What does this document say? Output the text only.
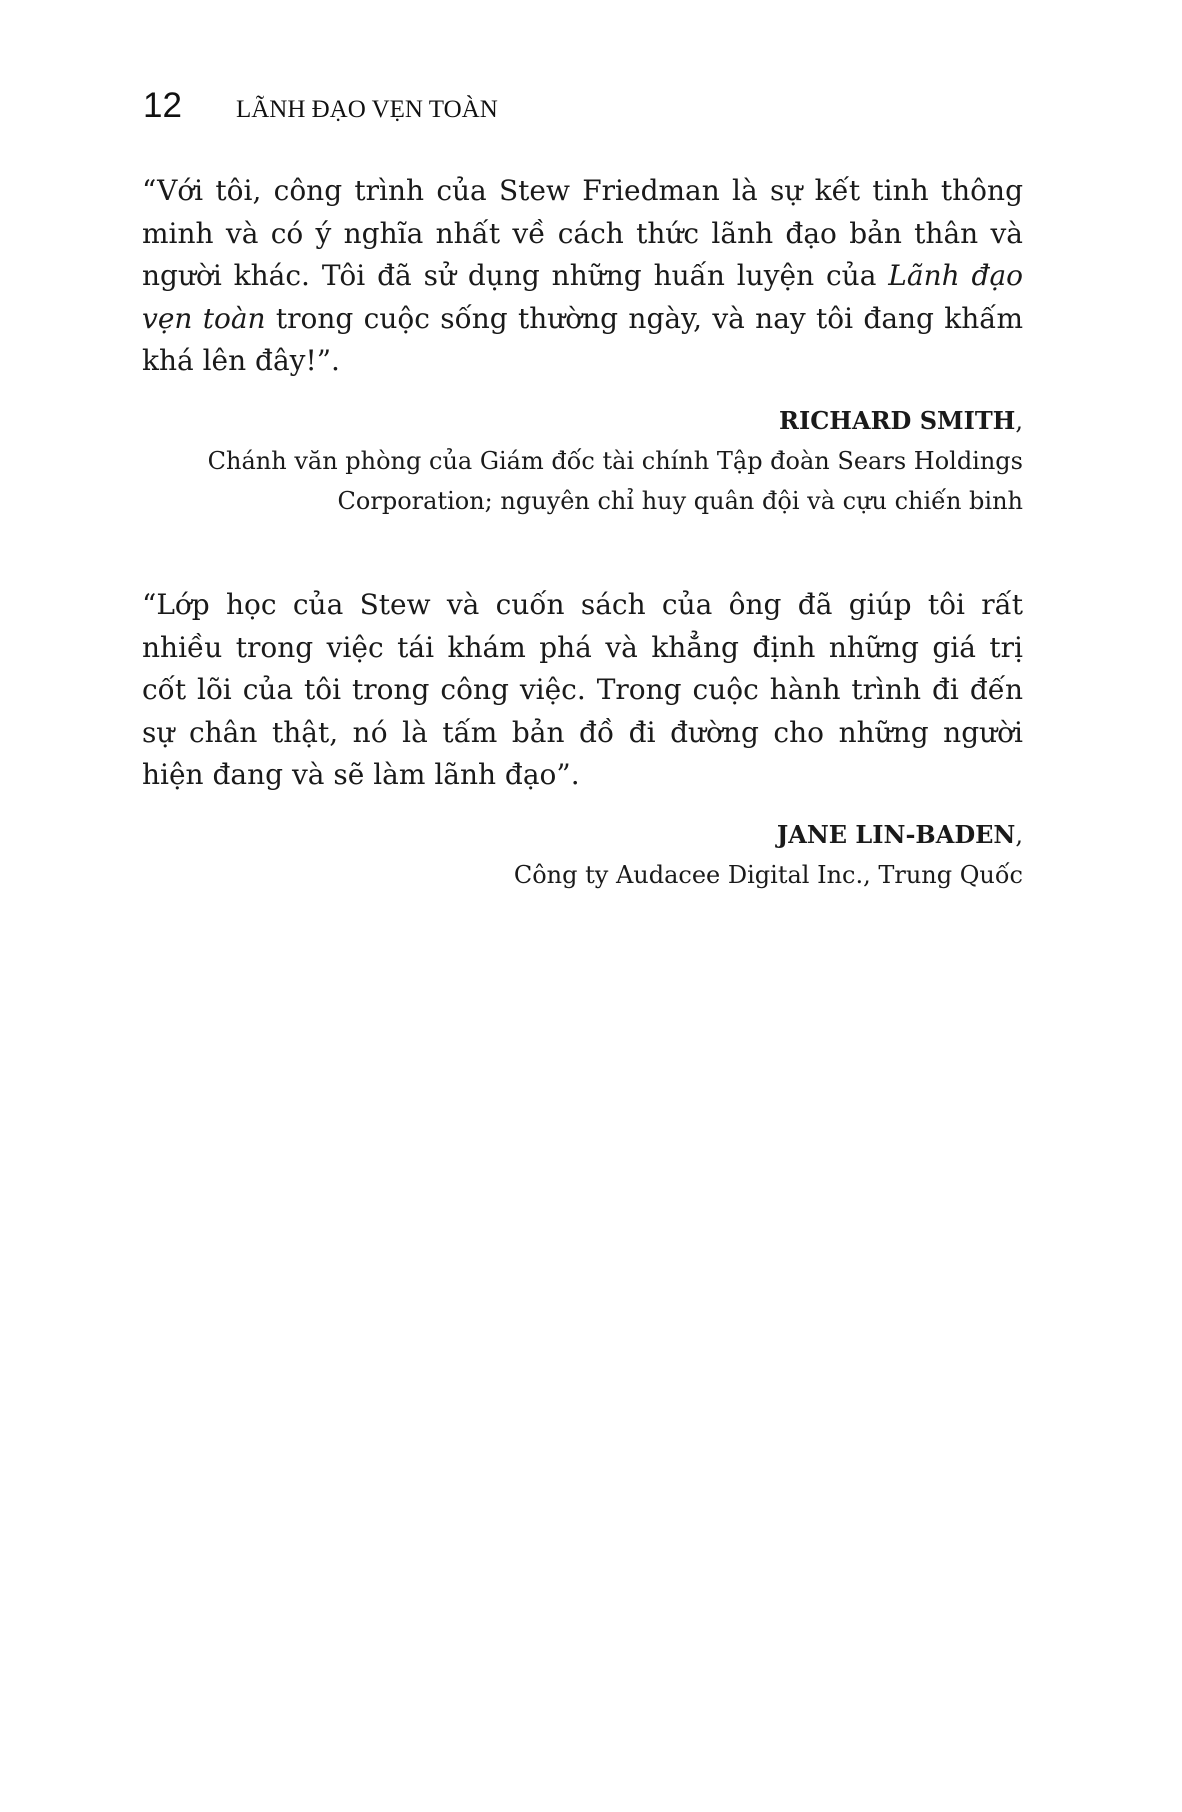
12 LÃNH ĐẠO VẸN TOÀN

“Với tôi, công trình của Stew Friedman là sự kết tinh thông minh và có ý nghĩa nhất về cách thức lãnh đạo bản thân và người khác. Tôi đã sử dụng những huấn luyện của Lãnh đạo vẹn toàn trong cuộc sống thường ngày, và nay tôi đang khấm khá lên đây!”.

RICHARD SMITH,

Chánh văn phòng của Giám đốc tài chính Tập đoàn Sears Holdings

Corporation; nguyên chỉ huy quân đội và cựu chiến binh

“Lớp học của Stew và cuốn sách của ông đã giúp tôi rất nhiều trong việc tái khám phá và khẳng định những giá trị cốt lõi của tôi trong công việc. Trong cuộc hành trình đi đến sự chân thật, nó là tấm bản đồ đi đường cho những người hiện đang và sẽ làm lãnh đạo”.

JANE LIN-BADEN,

Công ty Audacee Digital Inc., Trung Quốc
